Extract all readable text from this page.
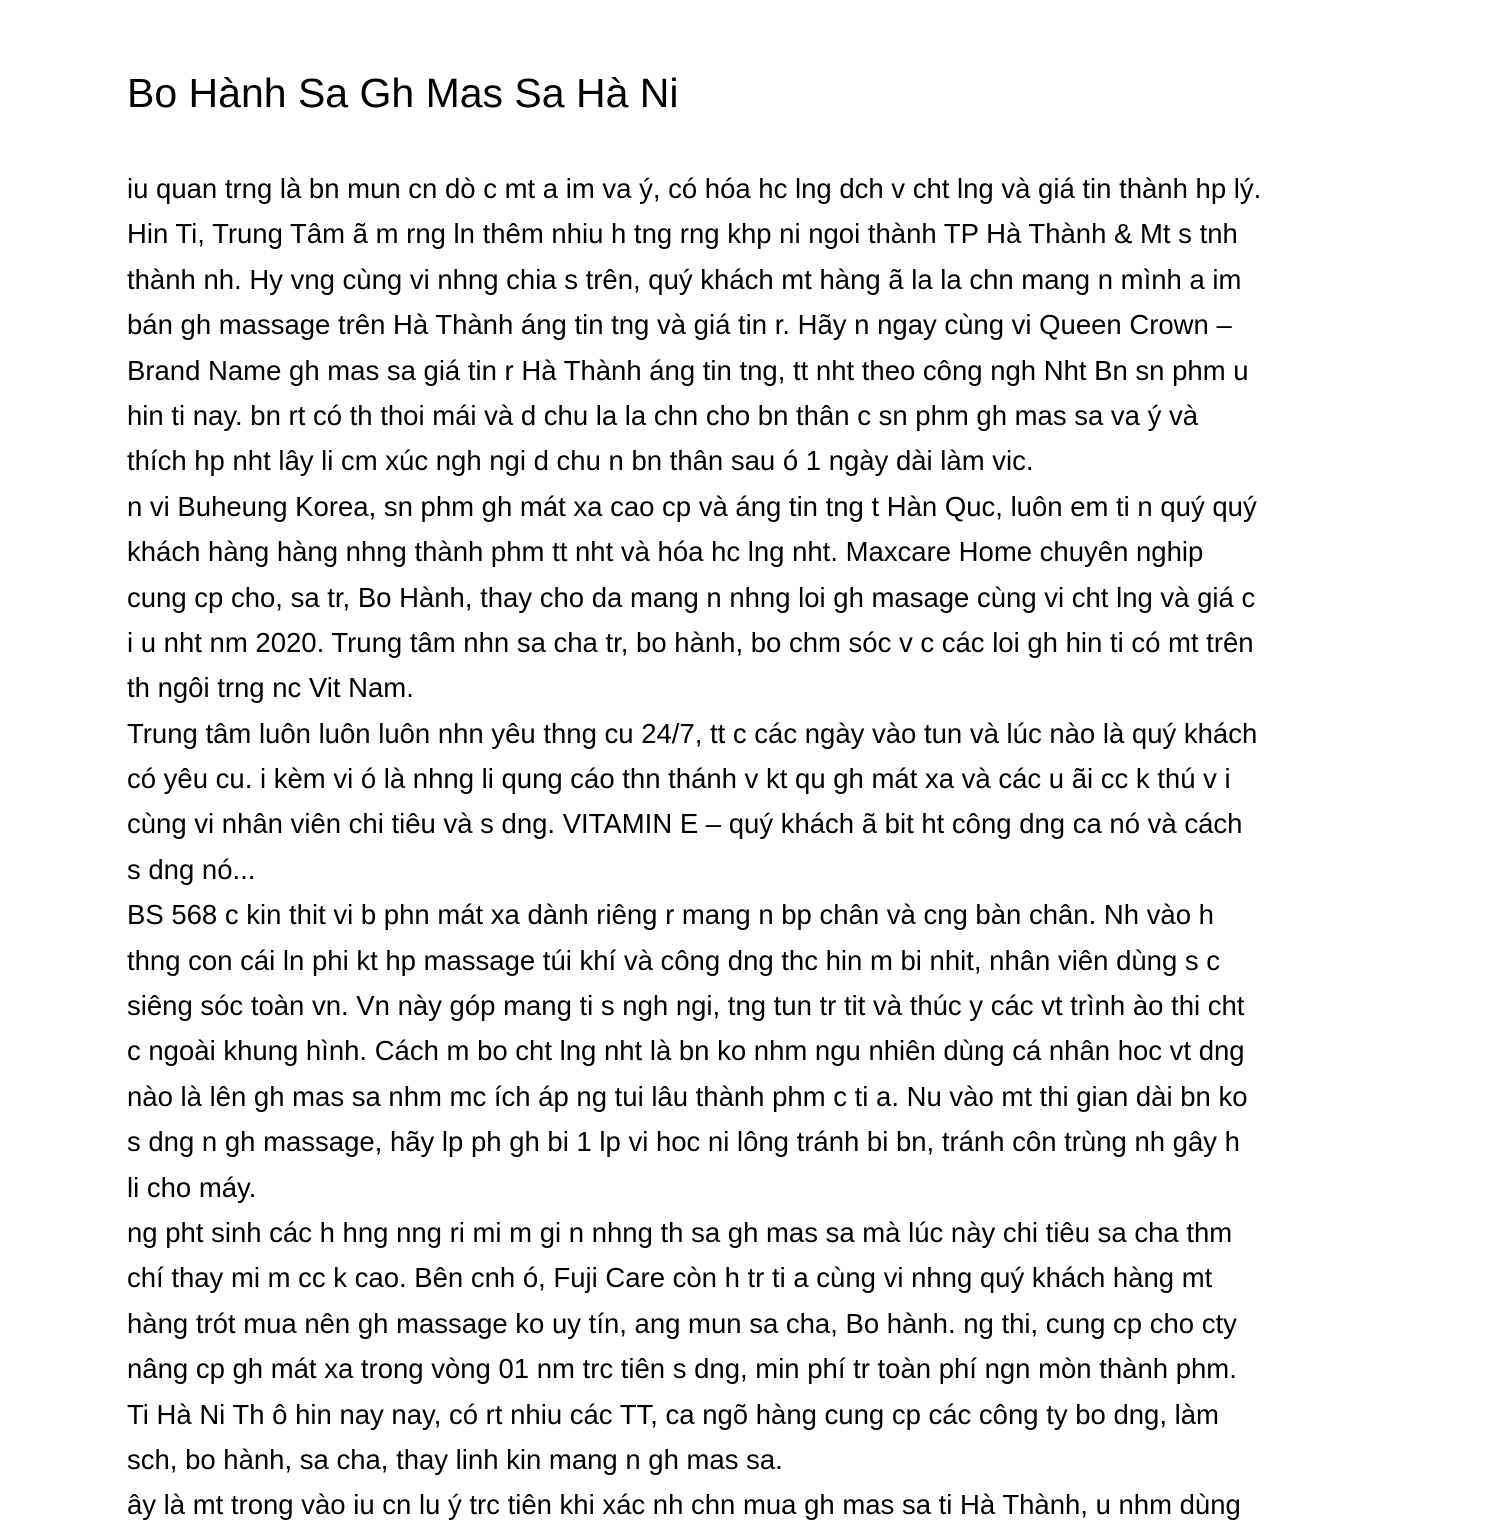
Bo Hành Sa Gh Mas Sa Hà Ni
iu quan trng là bn mun cn dò c mt a im va ý, có hóa hc lng dch v cht lng và giá tin thành hp lý.
Hin Ti, Trung Tâm ã m rng ln thêm nhiu h tng rng khp ni ngoi thành TP Hà Thành & Mt s tnh
thành nh. Hy vng cùng vi nhng chia s trên, quý khách mt hàng ã la la chn mang n mình a im
bán gh massage trên Hà Thành áng tin tng và giá tin r. Hãy n ngay cùng vi Queen Crown –
Brand Name gh mas sa giá tin r Hà Thành áng tin tng, tt nht theo công ngh Nht Bn sn phm u
hin ti nay. bn rt có th thoi mái và d chu la la chn cho bn thân c sn phm gh mas sa va ý và
thích hp nht lây li cm xúc ngh ngi d chu n bn thân sau ó 1 ngày dài làm vic.
n vi Buheung Korea, sn phm gh mát xa cao cp và áng tin tng t Hàn Quc, luôn em ti n quý quý
khách hàng hàng nhng thành phm tt nht và hóa hc lng nht. Maxcare Home chuyên nghip
cung cp cho, sa tr, Bo Hành, thay cho da mang n nhng loi gh masage cùng vi cht lng và giá c
i u nht nm 2020. Trung tâm nhn sa cha tr, bo hành, bo chm sóc v c các loi gh hin ti có mt trên
th ngôi trng nc Vit Nam.
Trung tâm luôn luôn luôn nhn yêu thng cu 24/7, tt c các ngày vào tun và lúc nào là quý khách
có yêu cu. i kèm vi ó là nhng li qung cáo thn thánh v kt qu gh mát xa và các u ãi cc k thú v i
cùng vi nhân viên chi tiêu và s dng. VITAMIN E – quý khách ã bit ht công dng ca nó và cách
s dng nó...
BS 568 c kin thit vi b phn mát xa dành riêng r mang n bp chân và cng bàn chân. Nh vào h
thng con cái ln phi kt hp massage túi khí và công dng thc hin m bi nhit, nhân viên dùng s c
siêng sóc toàn vn. Vn này góp mang ti s ngh ngi, tng tun tr tit và thúc y các vt trình ào thi cht
c ngoài khung hình. Cách m bo cht lng nht là bn ko nhm ngu nhiên dùng cá nhân hoc vt dng
nào là lên gh mas sa nhm mc ích áp ng tui lâu thành phm c ti a. Nu vào mt thi gian dài bn ko
s dng n gh massage, hãy lp ph gh bi 1 lp vi hoc ni lông tránh bi bn, tránh côn trùng nh gây h
li cho máy.
ng pht sinh các h hng nng ri mi m gi n nhng th sa gh mas sa mà lúc này chi tiêu sa cha thm
chí thay mi m cc k cao. Bên cnh ó, Fuji Care còn h tr ti a cùng vi nhng quý khách hàng mt
hàng trót mua nên gh massage ko uy tín, ang mun sa cha, Bo hành. ng thi, cung cp cho cty
nâng cp gh mát xa trong vòng 01 nm trc tiên s dng, min phí tr toàn phí ngn mòn thành phm.
Ti Hà Ni Th ô hin nay nay, có rt nhiu các TT, ca ngõ hàng cung cp các công ty bo dng, làm
sch, bo hành, sa cha, thay linh kin mang n gh mas sa.
ây là mt trong vào iu cn lu ý trc tiên khi xác nh chn mua gh mas sa ti Hà Thành, u nhm dùng
